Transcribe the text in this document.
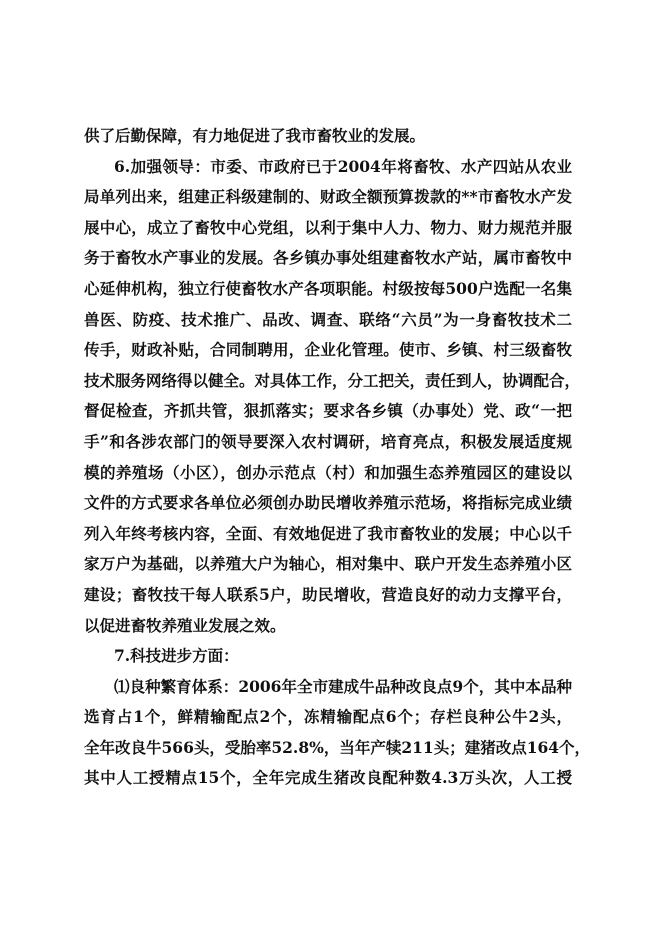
供了后勤保障，有力地促进了我市畜牧业的发展。
6.加强领导：市委、市政府已于2004年将畜牧、水产四站从农业
局单列出来，组建正科级建制的、财政全额预算拨款的**市畜牧水产发
展中心，成立了畜牧中心党组，以利于集中人力、物力、财力规范并服
务于畜牧水产事业的发展。各乡镇办事处组建畜牧水产站，属市畜牧中
心延伸机构，独立行使畜牧水产各项职能。村级按每500户选配一名集
兽医、防疫、技术推广、品改、调查、联络“六员”为一身畜牧技术二
传手，财政补贴，合同制聘用，企业化管理。使市、乡镇、村三级畜牧
技术服务网络得以健全。对具体工作，分工把关，责任到人，协调配合，
督促检查，齐抓共管，狠抓落实；要求各乡镇（办事处）党、政“一把
手”和各涉农部门的领导要深入农村调研，培育亮点，积极发展适度规
模的养殖场（小区），创办示范点（村）和加强生态养殖园区的建设以
文件的方式要求各单位必须创办助民增收养殖示范场，将指标完成业绩
列入年终考核内容，全面、有效地促进了我市畜牧业的发展；中心以千
家万户为基础，以养殖大户为轴心，相对集中、联户开发生态养殖小区
建设；畜牧技干每人联系5户，助民增收，营造良好的动力支撑平台，
以促进畜牧养殖业发展之效。
7.科技进步方面：
⑴良种繁育体系：2006年全市建成牛品种改良点9个，其中本品种
选育占1个，鲜精输配点2个，冻精输配点6个；存栏良种公牛2头，
全年改良牛566头，受胎率52.8%，当年产犊211头；建猪改点164个，
其中人工授精点15个，全年完成生猪改良配种数4.3万头次，人工授
